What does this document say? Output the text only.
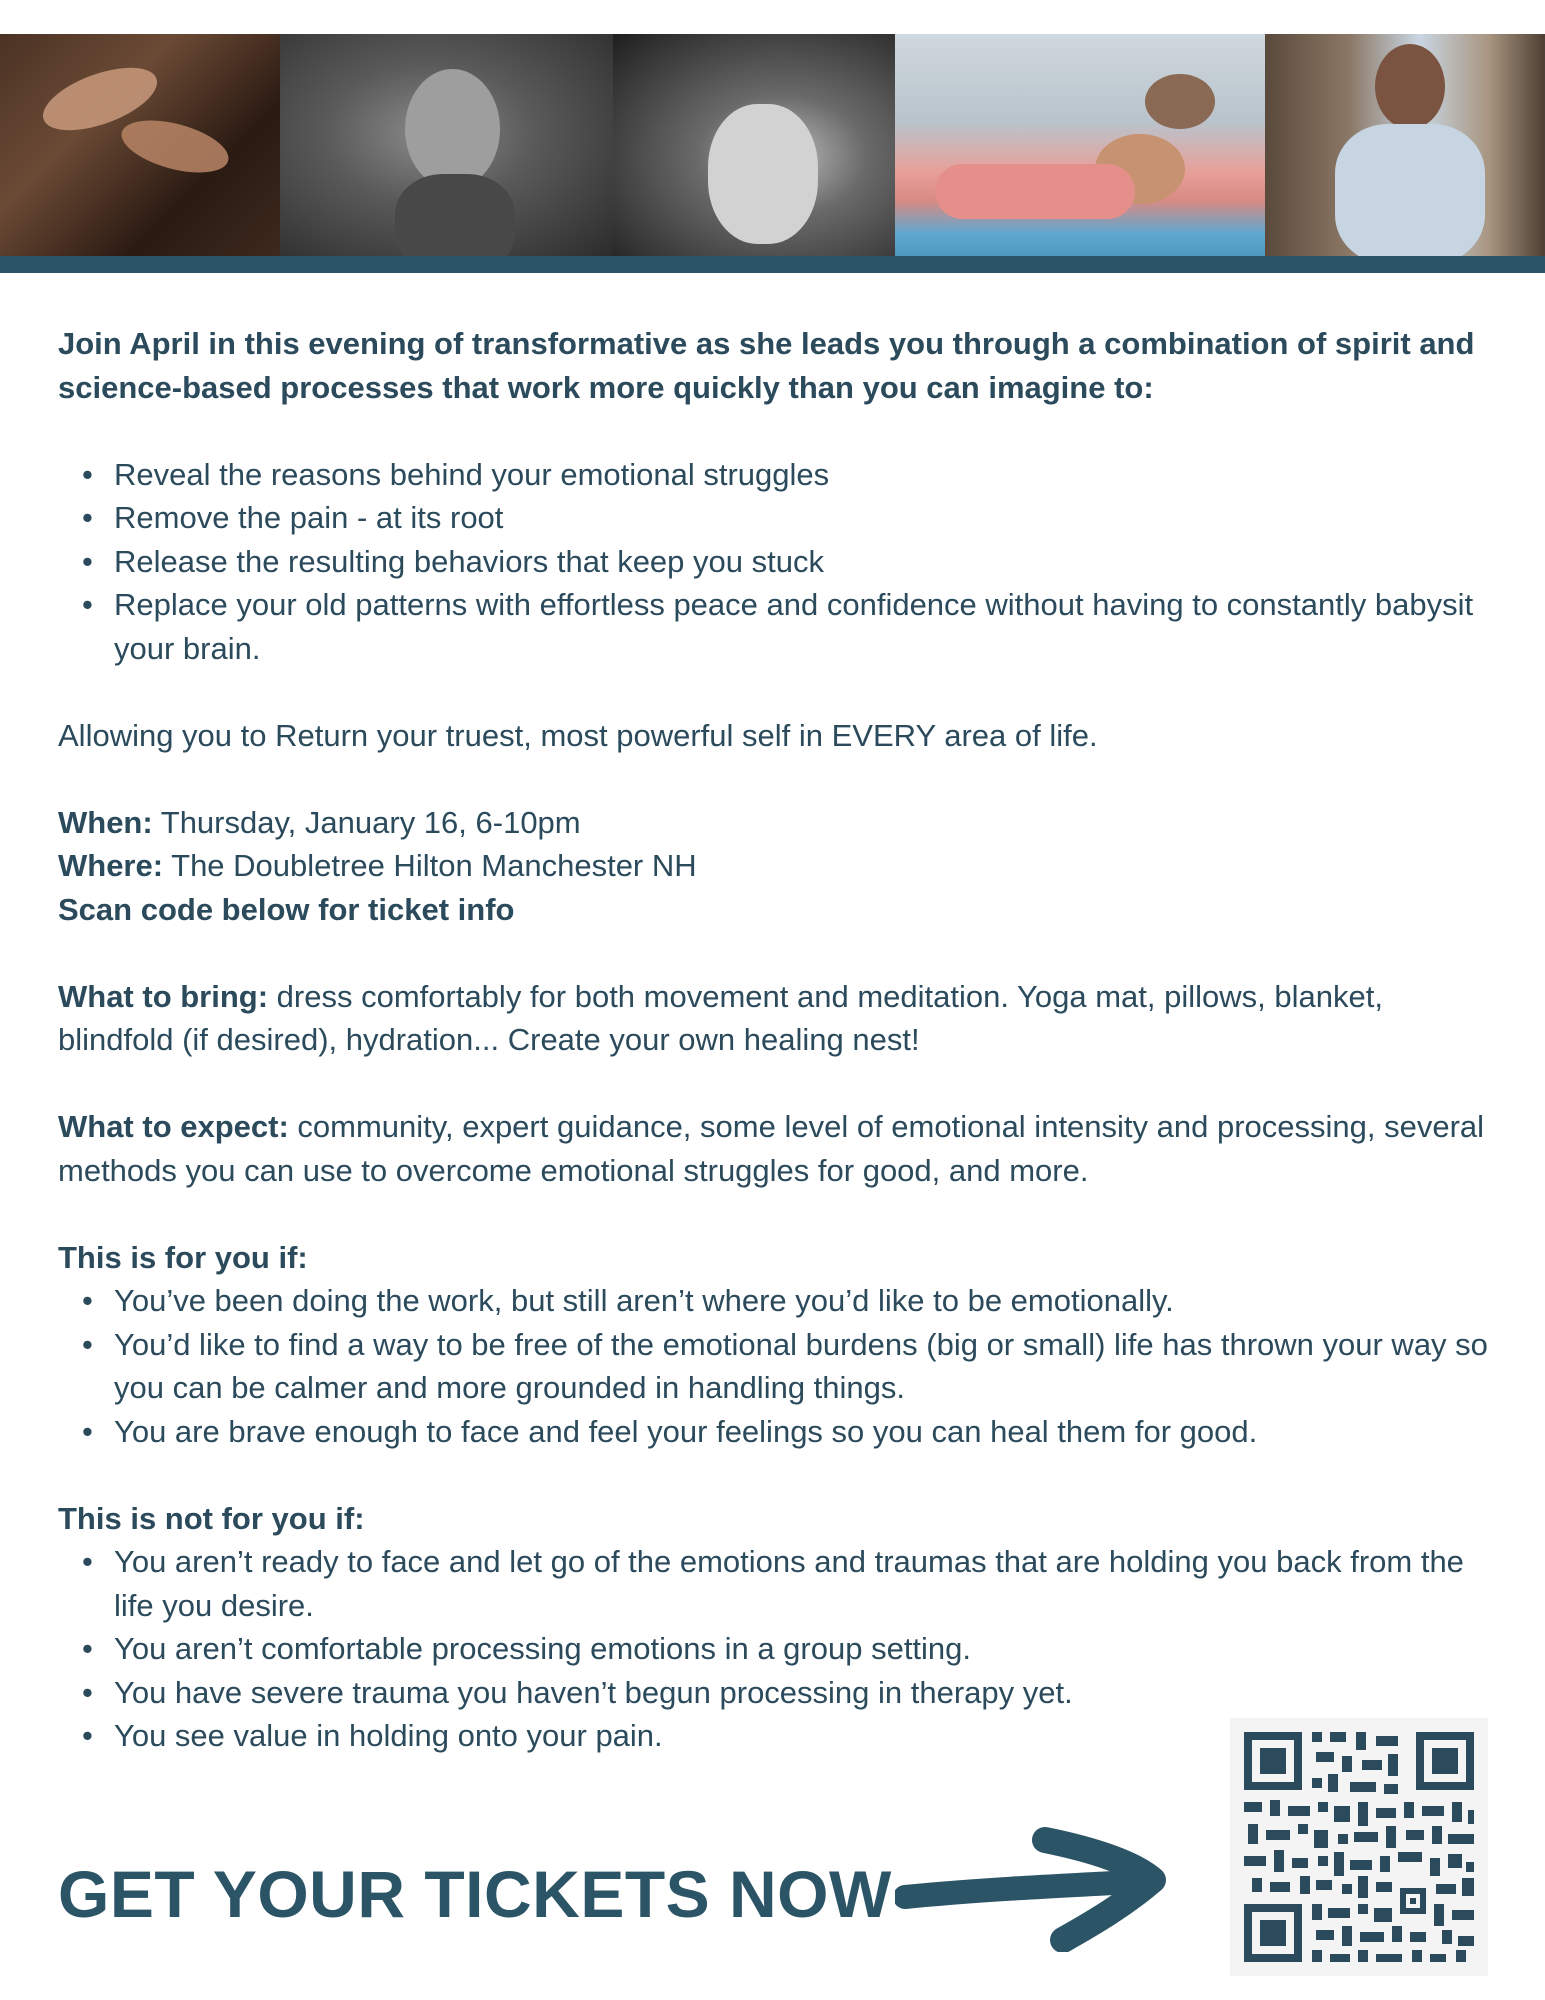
Join April in this evening of transformative as she leads you through a combination of spirit and science-based processes that work more quickly than you can imagine to:

• Reveal the reasons behind your emotional struggles
• Remove the pain - at its root
• Release the resulting behaviors that keep you stuck
• Replace your old patterns with effortless peace and confidence without having to constantly babysit your brain.

Allowing you to Return your truest, most powerful self in EVERY area of life.

When: Thursday, January 16, 6-10pm

Where: The Doubletree Hilton Manchester NH

Scan code below for ticket info

What to bring: dress comfortably for both movement and meditation. Yoga mat, pillows, blanket, blindfold (if desired), hydration... Create your own healing nest!

What to expect: community, expert guidance, some level of emotional intensity and processing, several methods you can use to overcome emotional struggles for good, and more.

This is for you if:

• You’ve been doing the work, but still aren’t where you’d like to be emotionally.
• You’d like to find a way to be free of the emotional burdens (big or small) life has thrown your way so you can be calmer and more grounded in handling things.
• You are brave enough to face and feel your feelings so you can heal them for good.

This is not for you if:

• You aren’t ready to face and let go of the emotions and traumas that are holding you back from the life you desire.
• You aren’t comfortable processing emotions in a group setting.
• You have severe trauma you haven’t begun processing in therapy yet.
• You see value in holding onto your pain.
GET YOUR TICKETS NOW
